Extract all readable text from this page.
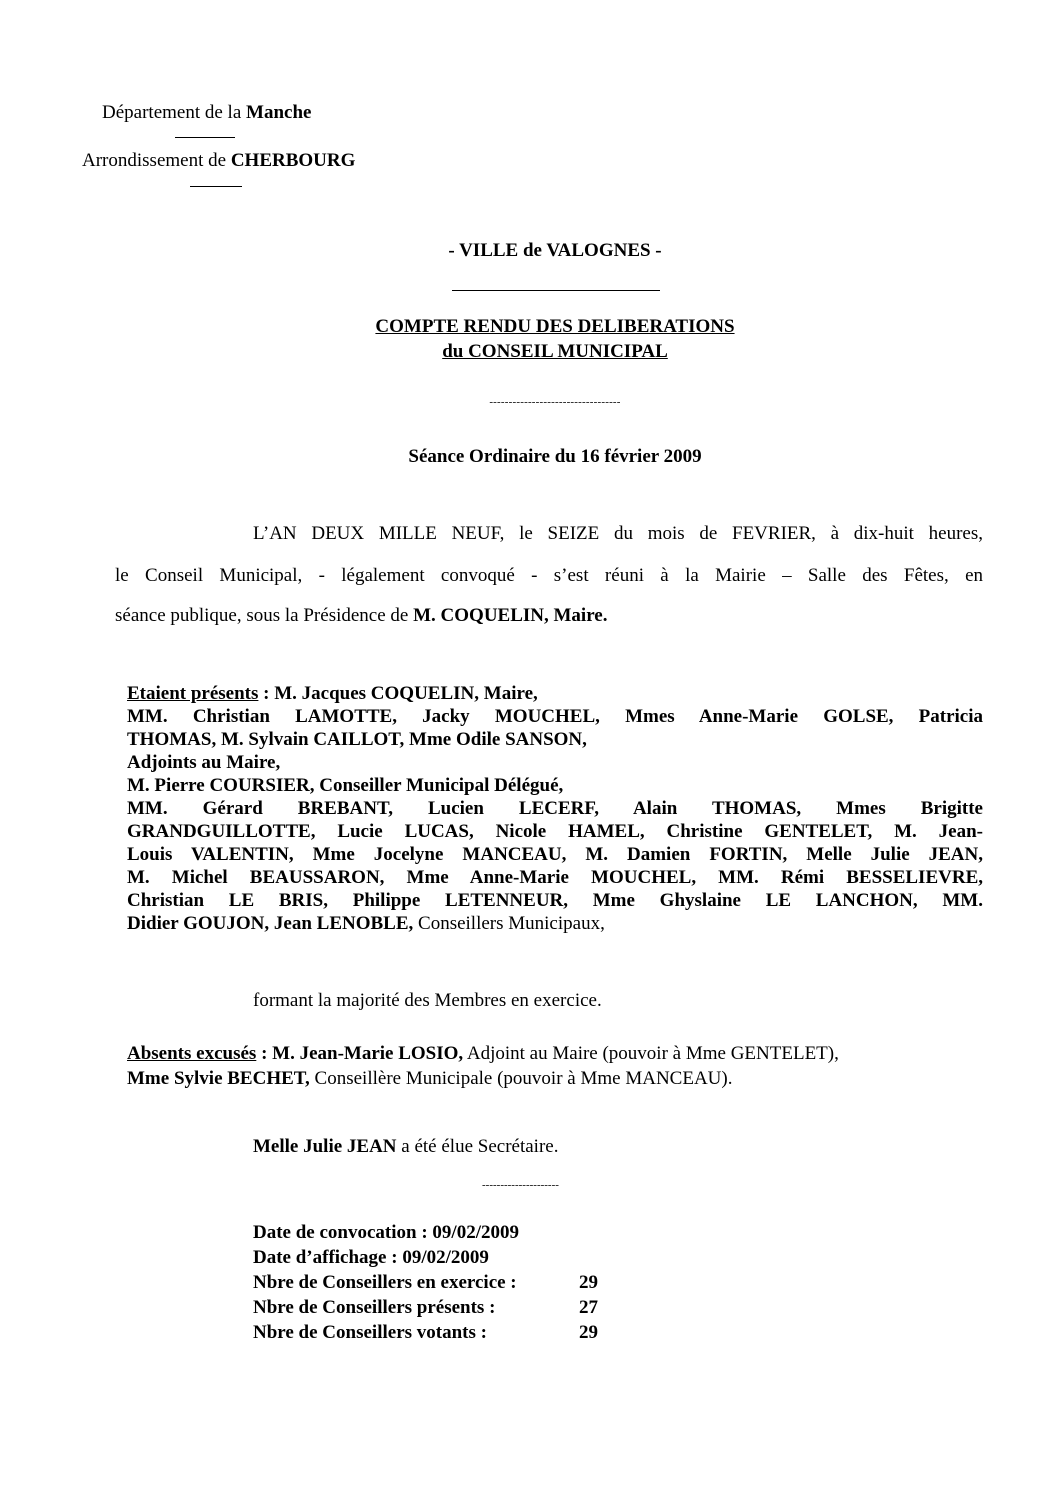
Département de la Manche
Arrondissement de CHERBOURG
- VILLE de VALOGNES -
COMPTE RENDU DES DELIBERATIONS
du CONSEIL MUNICIPAL
----------------------------------
Séance Ordinaire du 16 février 2009
L’AN DEUX MILLE NEUF, le SEIZE du mois de FEVRIER, à dix-huit heures,
le Conseil Municipal, - légalement convoqué - s’est réuni à la Mairie – Salle des Fêtes, en
séance publique, sous la Présidence de M. COQUELIN, Maire.
Etaient présents : M. Jacques COQUELIN, Maire,
MM. Christian LAMOTTE, Jacky MOUCHEL, Mmes Anne-Marie GOLSE, Patricia
THOMAS, M. Sylvain CAILLOT, Mme Odile SANSON,
Adjoints au Maire,
M. Pierre COURSIER, Conseiller Municipal Délégué,
MM. Gérard BREBANT, Lucien LECERF, Alain THOMAS, Mmes Brigitte
GRANDGUILLOTTE, Lucie LUCAS, Nicole HAMEL, Christine GENTELET, M. Jean-
Louis VALENTIN, Mme Jocelyne MANCEAU, M. Damien FORTIN, Melle Julie JEAN,
M. Michel BEAUSSARON, Mme Anne-Marie MOUCHEL, MM. Rémi BESSELIEVRE,
Christian LE BRIS, Philippe LETENNEUR, Mme Ghyslaine LE LANCHON, MM.
Didier GOUJON, Jean LENOBLE, Conseillers Municipaux,
formant la majorité des Membres en exercice.
Absents excusés : M. Jean-Marie LOSIO, Adjoint au Maire (pouvoir à Mme GENTELET),
Mme Sylvie BECHET, Conseillère Municipale (pouvoir à Mme MANCEAU).
Melle Julie JEAN a été élue Secrétaire.
---------------------
Date de convocation : 09/02/2009
Date d’affichage : 09/02/2009
Nbre de Conseillers en exercice :	29
Nbre de Conseillers présents :	27
Nbre de Conseillers votants :	29
